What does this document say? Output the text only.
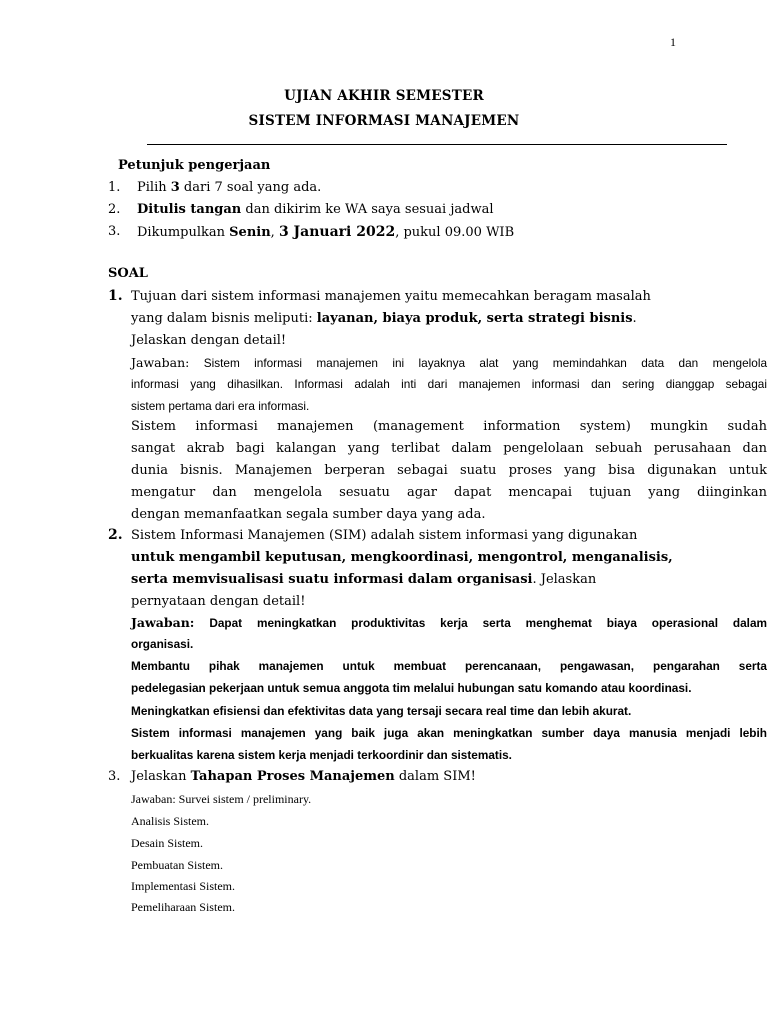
1
UJIAN AKHIR SEMESTER
SISTEM INFORMASI MANAJEMEN
Petunjuk pengerjaan
1. Pilih 3 dari 7 soal yang ada.
2. Ditulis tangan dan dikirim ke WA saya sesuai jadwal
3. Dikumpulkan Senin, 3 Januari 2022, pukul 09.00 WIB
SOAL
1. Tujuan dari sistem informasi manajemen yaitu memecahkan beragam masalah
yang dalam bisnis meliputi: layanan, biaya produk, serta strategi bisnis.
Jelaskan dengan detail!
Jawaban: Sistem informasi manajemen ini layaknya alat yang memindahkan data dan mengelola
informasi yang dihasilkan. Informasi adalah inti dari manajemen informasi dan sering dianggap sebagai
sistem pertama dari era informasi.
Sistem informasi manajemen (management information system) mungkin sudah
sangat akrab bagi kalangan yang terlibat dalam pengelolaan sebuah perusahaan dan
dunia bisnis. Manajemen berperan sebagai suatu proses yang bisa digunakan untuk
mengatur dan mengelola sesuatu agar dapat mencapai tujuan yang diinginkan
dengan memanfaatkan segala sumber daya yang ada.
2. Sistem Informasi Manajemen (SIM) adalah sistem informasi yang digunakan
untuk mengambil keputusan, mengkoordinasi, mengontrol, menganalisis,
serta memvisualisasi suatu informasi dalam organisasi. Jelaskan
pernyataan dengan detail!
Jawaban: Dapat meningkatkan produktivitas kerja serta menghemat biaya operasional dalam
organisasi.
Membantu pihak manajemen untuk membuat perencanaan, pengawasan, pengarahan serta
pedelegasian pekerjaan untuk semua anggota tim melalui hubungan satu komando atau koordinasi.
Meningkatkan efisiensi dan efektivitas data yang tersaji secara real time dan lebih akurat.
Sistem informasi manajemen yang baik juga akan meningkatkan sumber daya manusia menjadi lebih
berkualitas karena sistem kerja menjadi terkoordinir dan sistematis.
3. Jelaskan Tahapan Proses Manajemen dalam SIM!
Jawaban: Survei sistem / preliminary.
Analisis Sistem.
Desain Sistem.
Pembuatan Sistem.
Implementasi Sistem.
Pemeliharaan Sistem.
